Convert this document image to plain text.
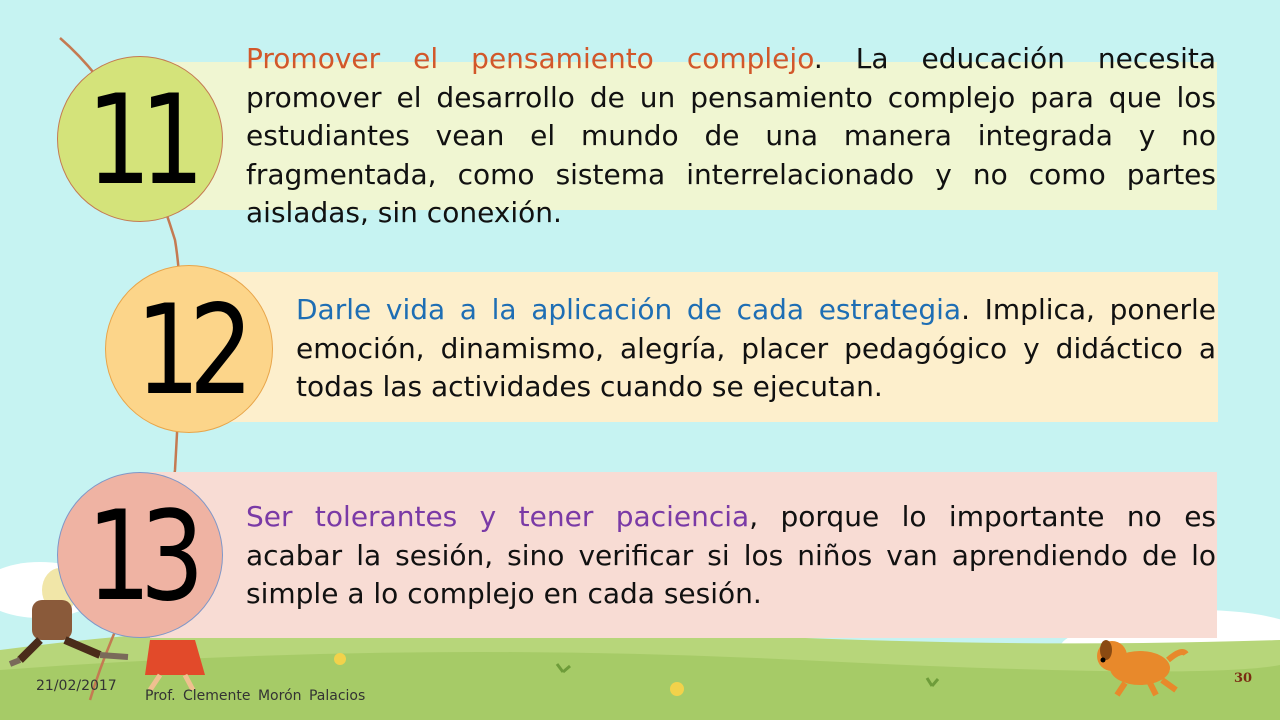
11
Promover el pensamiento complejo. La educación necesita
promover el desarrollo de un pensamiento complejo para que los
estudiantes vean el mundo de una manera integrada y no
fragmentada, como sistema interrelacionado y no como partes
aisladas, sin conexión.
12 Darle vida a la aplicación de cada estrategia. Implica, ponerle
emoción, dinamismo, alegría, placer pedagógico y didáctico a
todas las actividades cuando se ejecutan.
13 Ser tolerantes y tener paciencia, porque lo importante no es
acabar la sesión, sino verificar si los niños van aprendiendo de lo
simple a lo complejo en cada sesión.
21/02/2017
Prof. Clemente Morón Palacios
30
